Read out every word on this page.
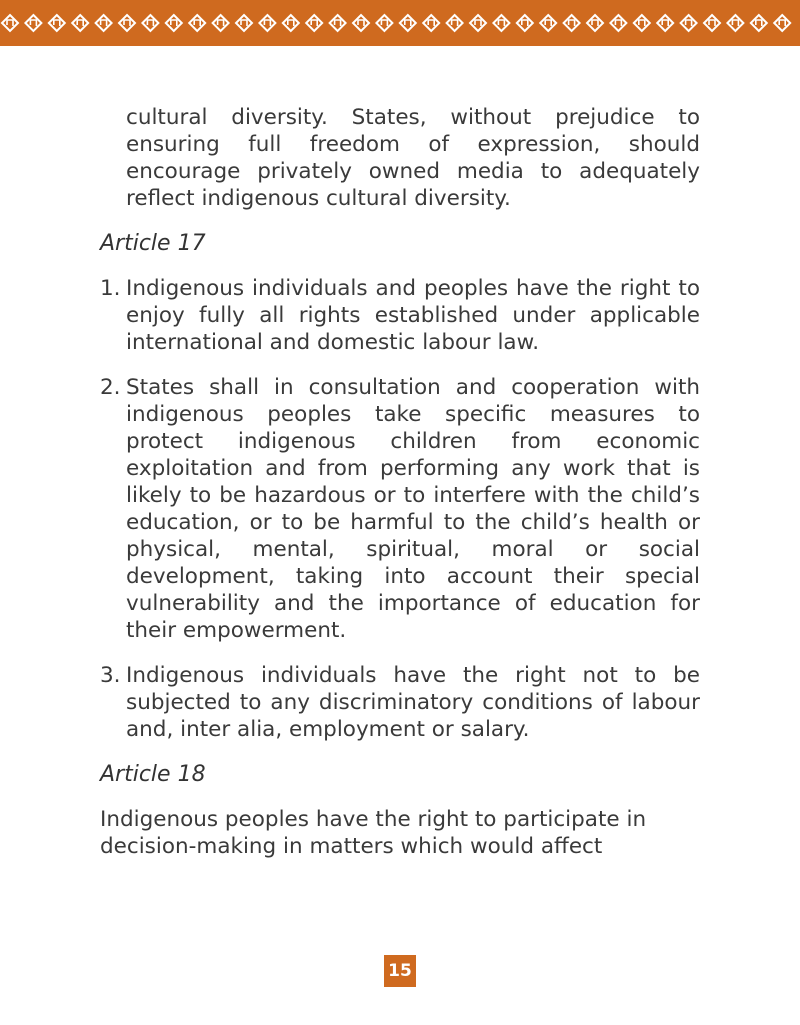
cultural diversity. States, without prejudice to ensuring full freedom of expression, should encourage privately owned media to adequately reflect indigenous cultural diversity.

Article 17
1. Indigenous individuals and peoples have the right to enjoy fully all rights established under applicable international and domestic labour law.
2. States shall in consultation and cooperation with indigenous peoples take specific measures to protect indigenous children from economic exploitation and from performing any work that is likely to be hazardous or to interfere with the child’s education, or to be harmful to the child’s health or physical, mental, spiritual, moral or social development, taking into account their special vulnerability and the importance of education for their empowerment.
3. Indigenous individuals have the right not to be subjected to any discriminatory conditions of labour and, inter alia, employment or salary.
Article 18

Indigenous peoples have the right to participate in decision-making in matters which would affect

15
